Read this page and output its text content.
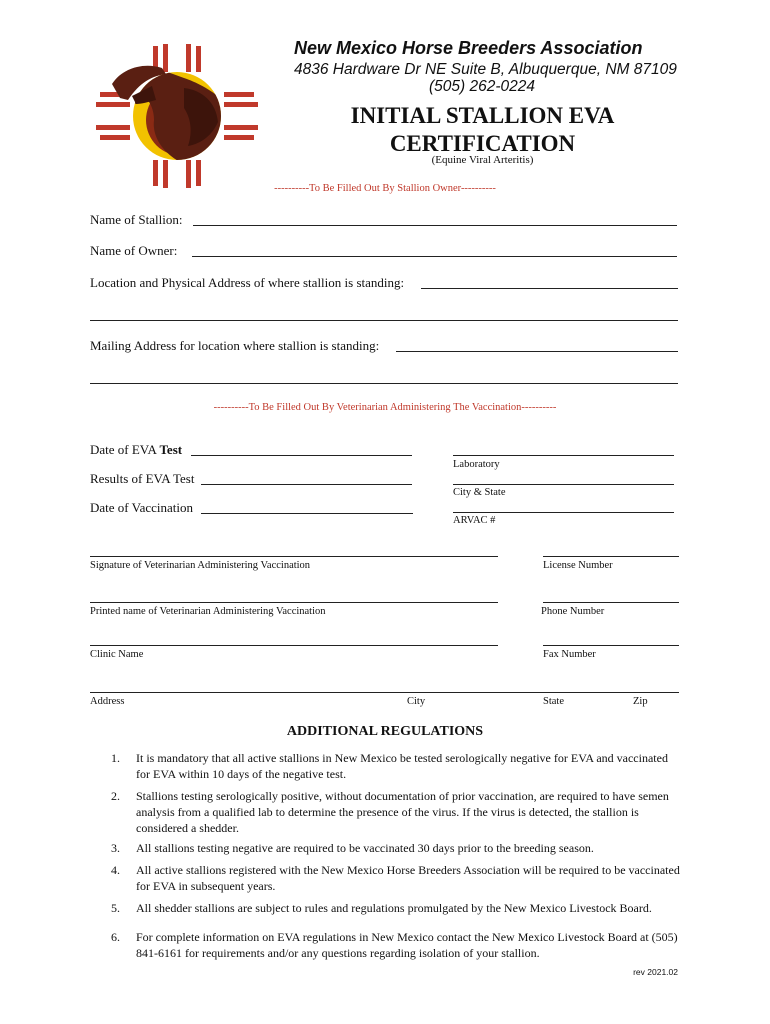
New Mexico Horse Breeders Association
4836 Hardware Dr NE Suite B, Albuquerque, NM 87109
(505) 262-0224
INITIAL STALLION EVA
CERTIFICATION
(Equine Viral Arteritis)
----------To Be Filled Out By Stallion Owner----------
Name of Stallion:
Name of Owner:
Location and Physical Address of where stallion is standing:
Mailing Address for location where stallion is standing:
----------To Be Filled Out By Veterinarian Administering The Vaccination----------
Date of EVA Test
Laboratory
Results of EVA Test
City & State
Date of Vaccination
ARVAC #
Signature of Veterinarian Administering Vaccination	License Number
Printed name of Veterinarian Administering Vaccination	Phone Number
Clinic Name	Fax Number
Address	City	State	Zip
ADDITIONAL REGULATIONS
1.	It is mandatory that all active stallions in New Mexico be tested serologically negative for EVA and vaccinated for EVA within 10 days of the negative test.
2.	Stallions testing serologically positive, without documentation of prior vaccination, are required to have semen analysis from a qualified lab to determine the presence of the virus. If the virus is detected, the stallion is considered a shedder.
3.	All stallions testing negative are required to be vaccinated 30 days prior to the breeding season.
4.	All active stallions registered with the New Mexico Horse Breeders Association will be required to be vaccinated for EVA in subsequent years.
5.	All shedder stallions are subject to rules and regulations promulgated by the New Mexico Livestock Board.
6.	For complete information on EVA regulations in New Mexico contact the New Mexico Livestock Board at (505) 841-6161 for requirements and/or any questions regarding isolation of your stallion.
rev 2021.02
